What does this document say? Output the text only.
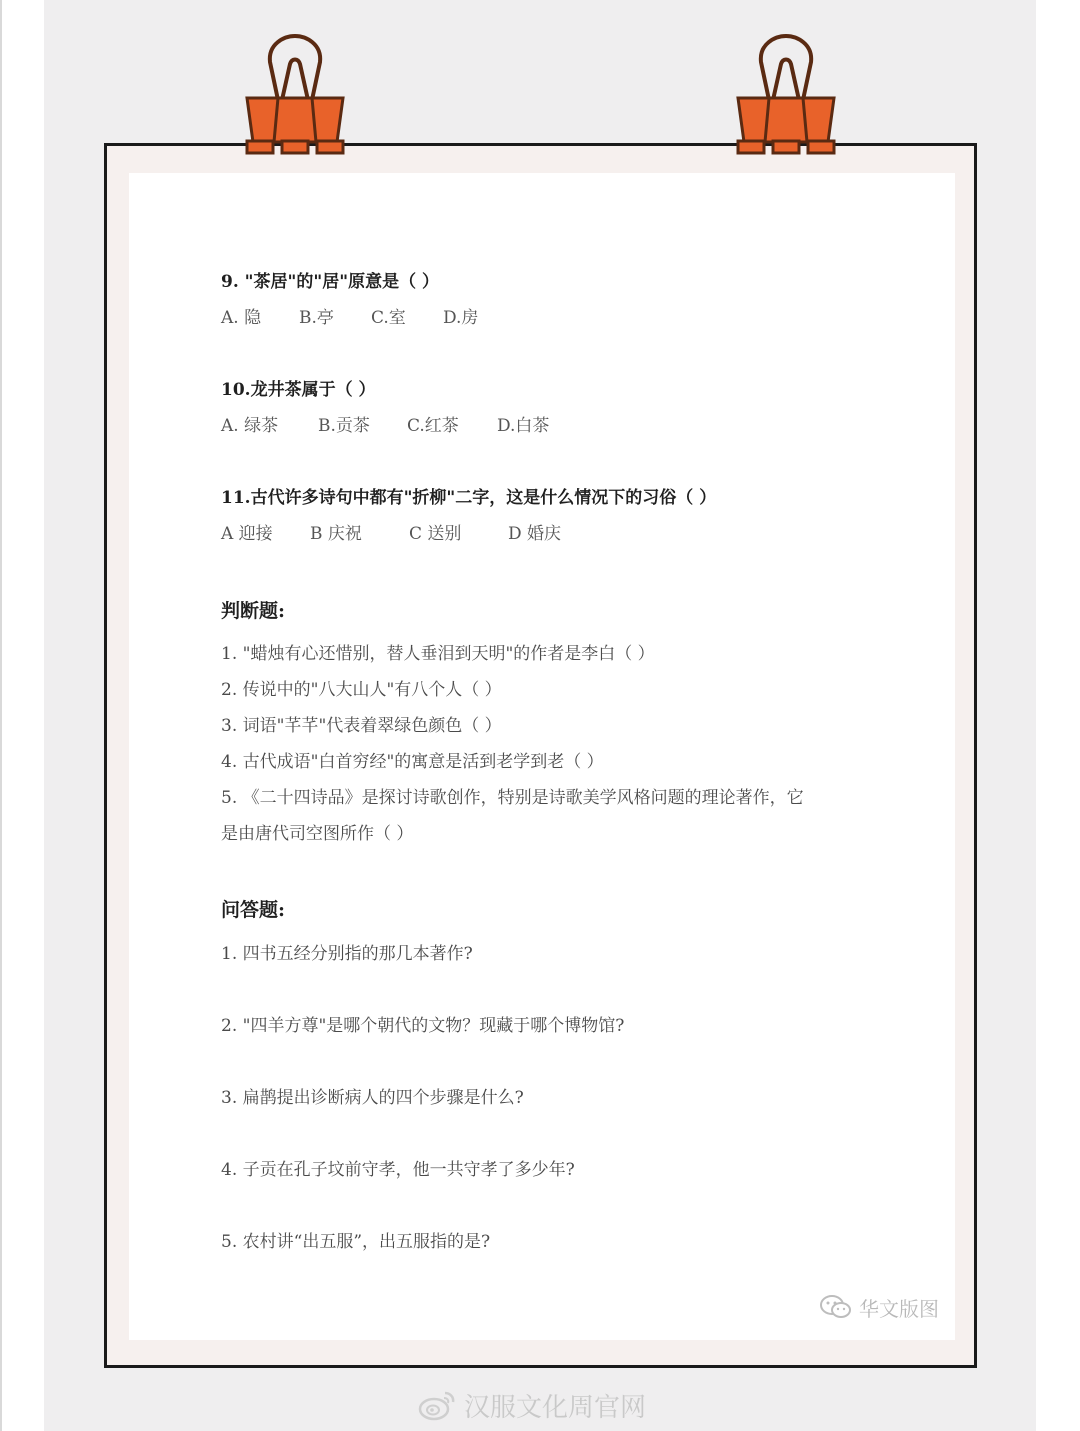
9. "茶居"的"居"原意是（ ）
A. 隐 B.亭 C.室 D.房
10.龙井茶属于（ ）
A. 绿茶 B.贡茶 C.红茶 D.白茶
11.古代许多诗句中都有"折柳"二字，这是什么情况下的习俗（ ）
A 迎接 B 庆祝	C 送别	D 婚庆
判断题:
1. "蜡烛有心还惜别，替人垂泪到天明"的作者是李白（ ）
2. 传说中的"八大山人"有八个人（ ）
3. 词语"芊芊"代表着翠绿色颜色（ ）
4. 古代成语"白首穷经"的寓意是活到老学到老（ ）
5. 《二十四诗品》是探讨诗歌创作，特别是诗歌美学风格问题的理论著作，它
是由唐代司空图所作（ ）
问答题:
1. 四书五经分别指的那几本著作?
2. "四羊方尊"是哪个朝代的文物？现藏于哪个博物馆?
3. 扁鹊提出诊断病人的四个步骤是什么?
4. 子贡在孔子坟前守孝，他一共守孝了多少年?
5. 农村讲“出五服”，出五服指的是?
华文版图
汉服文化周官网
